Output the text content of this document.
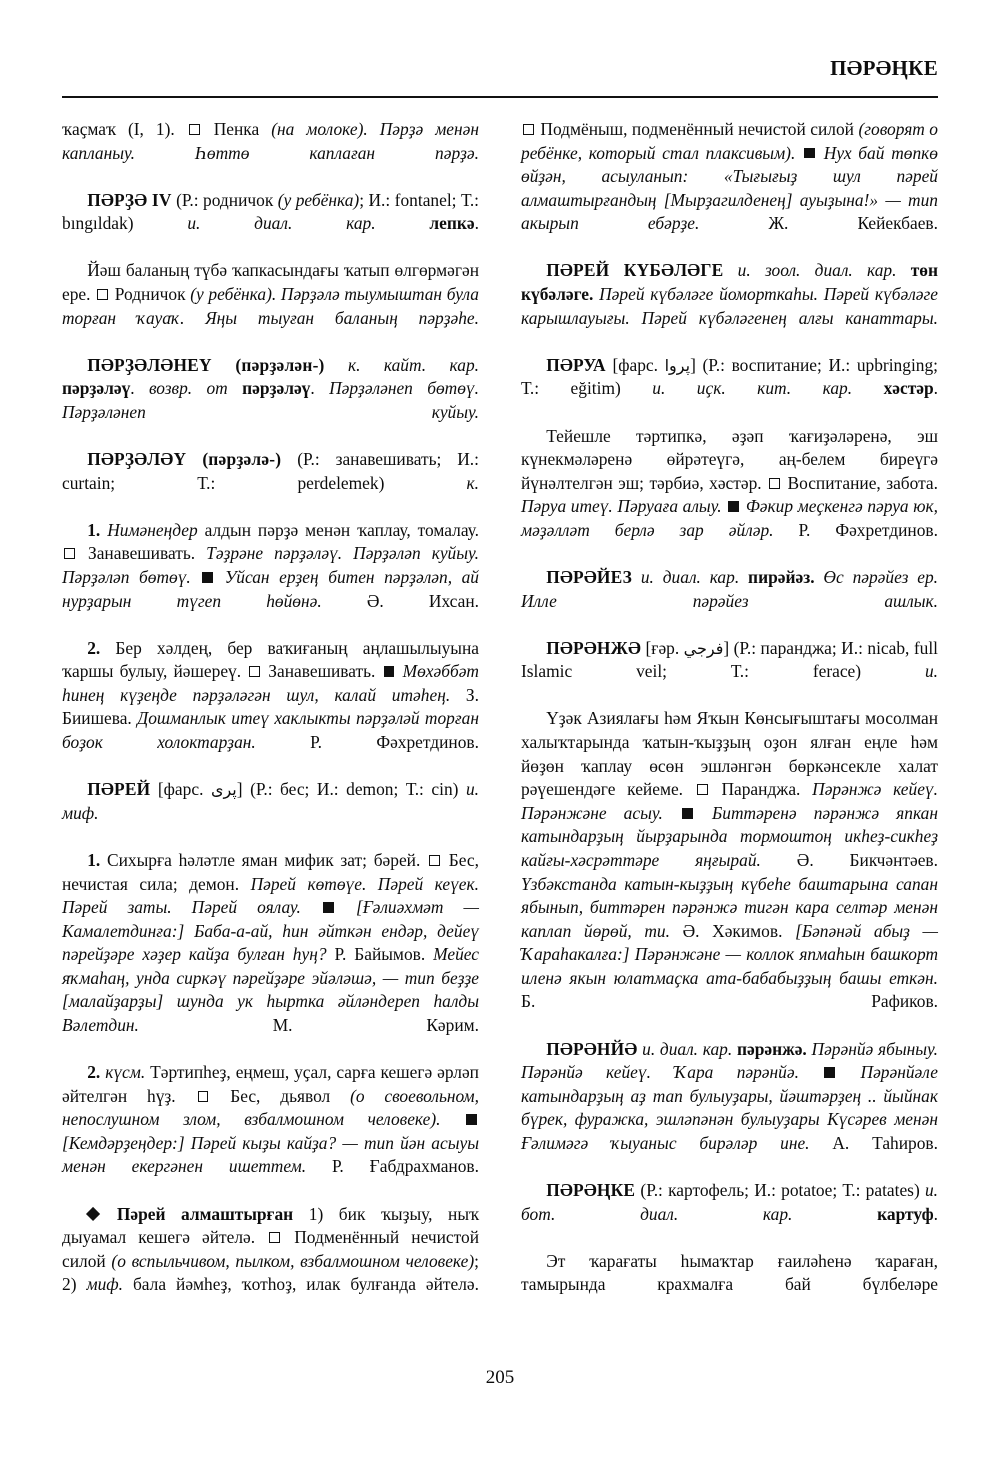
ПӘРӘҢКЕ

ҡаҫмаҡ (I, 1). Пенка (на молоке). Пәрҙә менән капланыу. Һөттө каплаған пәрҙә.

ПӘРҘӘ IV (Р.: родничок (у ребёнка); И.: fontanel; Т.: bıngıldak) и. диал. кар. лепкә.

Йәш баланың түбә ҡапкасындағы ҡатып өлгөрмәгән ере. Родничок (у ребёнка). Пәрҙәлә тыумыштан була торған ҡауаҡ. Яңы тыуған баланың пәрҙәһе.

ПӘРҘӘЛӘНЕҮ (пәрҙәлән-) к. кайт. кар. пәрҙәләү. возвр. от пәрҙәләү. Пәрҙәләнеп бөтөү. Пәрҙәләнеп куйыу.

ПӘРҘӘЛӘҮ (пәрҙәлә-) (Р.: занавешивать; И.: curtain; Т.: perdelemek) к.

1. Нимәнеңдер алдын пәрҙә менән ҡаплау, томалау.  Занавешивать. Тәҙрәне пәрҙәләү. Пәрҙәләп куйыу. Пәрҙәләп бөтөү. Уйсан ерҙең битен пәрҙәләп, ай нурҙарын түгеп һөйөнә. Ә. Ихсан.

2. Бер хәлдең, бер ваҡиғаның аңлашылыуына ҡаршы булыу, йәшереү. Занавешивать.  Мөхәббәт һинең күҙеңде пәрҙәләгән шул, калай итәһең. З. Биишева. Дошманлык итеү хаклыкты пәрҙәләй торған боҙок холоктарҙан. Р. Фәхретдинов.

ПӘРЕЙ [фарс. پری] (Р.: бес; И.: demon; Т.: cin) и. миф.

1. Сихырға һәләтле яман мифик зат; бәрей. Бес, нечистая сила; демон. Пәрей көтөүе. Пәрей кеүек. Пәрей заты. Пәрей оялау.	[Ғәлиәхмәт — Камалетдинға:] Баба-а-ай, һин әйткән ендәр, дейеү пәрейҙәре хәҙер кайҙа булған һуң? Р. Байымов. Мейес яҡмаһаң, унда сиркәү пәрейҙәре эйәләшә, — тип беҙҙе [малайҙарҙы] шунда ук һыртка әйләндереп һалды Вәлетдин. М. Кәрим.

2. күсм. Тәртипһеҙ, еңмеш, уҫал, сарға кешегә әрләп әйтелгән һүҙ.	Бес, дьявол (о своевольном, непослушном злом, взбалмошном человеке).  [Кемдәрҙеңдер:] Пәрей кыҙы кайҙа? — тип йән асыуы менән екергәнен ишеттем. Р. Ғабдрахманов.

Пәрей алмаштырған 1) бик ҡыҙыу, ныҡ дыуамал кешегә әйтелә. Подменённый нечистой силой (о вспыльчивом, пылком, взбалмошном человеке); 2) миф. бала йәмһеҙ, ҡотһоҙ, илак булғанда әйтелә.

Подмёныш, подменённый нечистой силой (говорят о ребёнке, который стал плаксивым).  Нух бай төпкө өйҙән, асыуланып: «Тығығыҙ шул пәрей алмаштырғандың [Мырҙагилденең] ауыҙына!» — тип акырып ебәрҙе. Ж. Кейекбаев.

ПӘРЕЙ КҮБӘЛӘГЕ и. зоол. диал. кар. төн күбәләге. Пәрей күбәләге йоморткаһы. Пәрей күбәләге карышлауығы. Пәрей күбәләгенең алғы канаттары.

ПӘРУА [фарс. پروا] (Р.: воспитание; И.: upbringing; Т.: eğitim) и. иҫк. кит. кар. хәстәр.

Тейешле тәртипкә, әҙәп ҡағиҙәләренә, эш күнекмәләренә өйрәтеүгә, аң-белем биреүгә йүнәлтелгән эш; тәрбиә, хәстәр. Воспитание, забота. Пәруа итеү. Пәруаға алыу. Фәкир меҫкенгә пәруа юк, мәҙәлләт берлә зар әйләр. Р. Фәхретдинов.

ПӘРӘЙЕЗ и. диал. кар. пирәйәз. Өс пәрәйез ер. Илле пәрәйез ашлык.

ПӘРӘНЖӘ [ғәр. فرجي] (Р.: паранджа; И.: nicab, full Islamic veil; Т.: ferace) и.

Үҙәк Азиялағы һәм Яҡын Көнсығыштағы мосолман халыҡтарында ҡатын-ҡыҙҙың оҙон ялған еңле һәм йөҙөн ҡаплау өсөн эшләнгән бөркәнсекле халат рәүешендәге кейеме. Паранджа. Пәрәнжә кейеү. Пәрәнжәне асыу.	Биттәренә пәрәнжә япкан катындарҙың йырҙарында тормоштоң икһеҙ-сикһеҙ кайғы-хәсрәттәре яңғырай. Ә. Бикчәнтәев. Үзбәкстанда катын-кыҙҙың күбеһе баштарына сапан ябынып, биттәрен пәрәнжә тигән кара селтәр менән каплап йөрөй, ти. Ә. Хәкимов. [Бәпәнәй абыҙ — Ҡараһакалға:] Пәрәнжәне — коллок япмаһын башкорт иленә якын юлатмаҫка ата-бабабыҙҙың башы еткән. Б. Рафиков.

ПӘРӘНЙӘ и. диал. кар. пәрәнжә. Пәрәнйә ябыныу. Пәрәнйә кейеү. Ҡара пәрәнйә.	Пәрәнйәле катындарҙың аҙ тап булыуҙары, йәштәрҙең .. йыйнак бүрек, фуражка, эшләпәнән булыуҙары Күсәрев менән Ғәлимәгә ҡыуаныс бирәләр ине. А. Таһиров.

ПӘРӘҢКЕ (Р.: картофель; И.: potatoe; Т.: patates) и. бот. диал. кар. картуф.

Эт ҡарағаты һымаҡтар ғаиләһенә ҡараған, тамырында крахмалға бай бүлбеләре

205
